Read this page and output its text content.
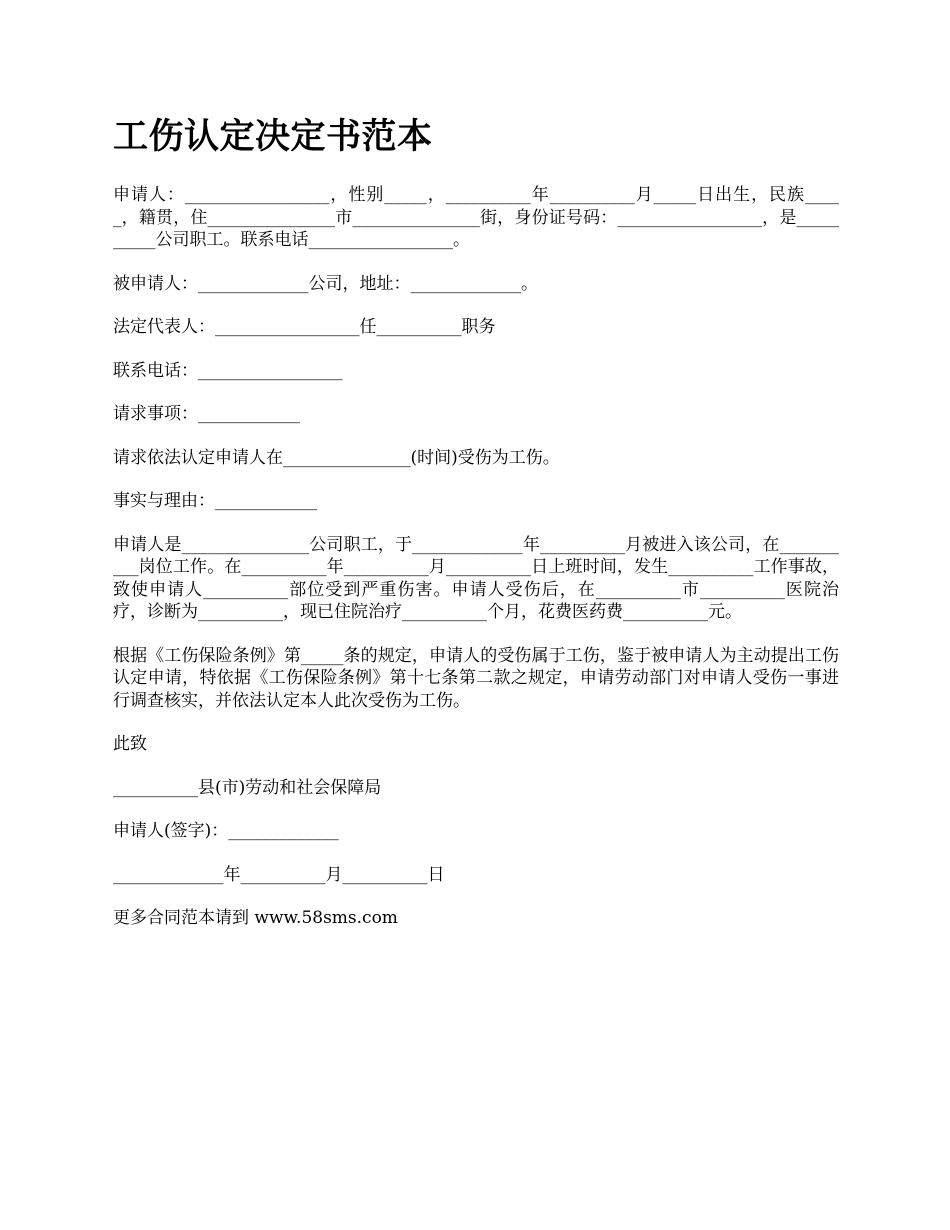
工伤认定决定书范本

申请人：_________________，性别_____，__________年__________月_____日出生，民族_____，籍贯，住_______________市_______________街，身份证号码：_________________，是__________公司职工。联系电话_________________。

被申请人：_____________公司，地址：_____________。

法定代表人：_________________任__________职务

联系电话：_________________

请求事项：____________

请求依法认定申请人在_______________(时间)受伤为工伤。

事实与理由：____________

申请人是_______________公司职工，于_____________年__________月被进入该公司，在__________岗位工作。在__________年__________月__________日上班时间，发生__________工作事故，致使申请人__________部位受到严重伤害。申请人受伤后，在__________市__________医院治疗，诊断为__________，现已住院治疗__________个月，花费医药费__________元。

根据《工伤保险条例》第_____条的规定，申请人的受伤属于工伤，鉴于被申请人为主动提出工伤认定申请，特依据《工伤保险条例》第十七条第二款之规定，申请劳动部门对申请人受伤一事进行调查核实，并依法认定本人此次受伤为工伤。

此致

__________县(市)劳动和社会保障局

申请人(签字)：_____________

_____________年__________月__________日

更多合同范本请到 www.58sms.com
